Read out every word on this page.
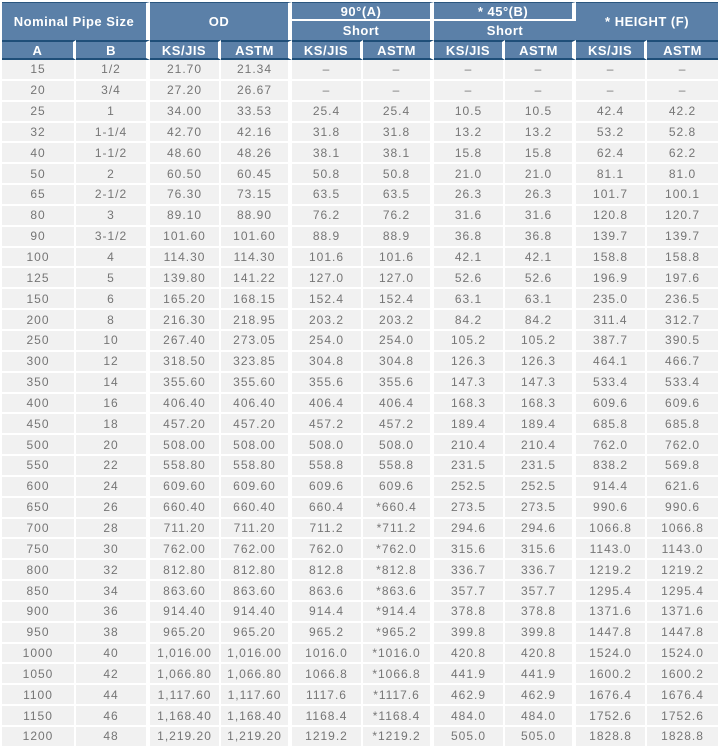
Nominal Pipe Size		OD		90°(A)		* 45°(B)		* HEIGHT (F)	
				Short		Short			
A	B	KS/JIS	ASTM	KS/JIS	ASTM	KS/JIS	ASTM	KS/JIS	ASTM
15	1/2	21.70	21.34	–	–	–	–	–	–
20	3/4	27.20	26.67	–	–	–	–	–	–
25	1	34.00	33.53	25.4	25.4	10.5	10.5	42.4	42.2
32	1-1/4	42.70	42.16	31.8	31.8	13.2	13.2	53.2	52.8
40	1-1/2	48.60	48.26	38.1	38.1	15.8	15.8	62.4	62.2
50	2	60.50	60.45	50.8	50.8	21.0	21.0	81.1	81.0
65	2-1/2	76.30	73.15	63.5	63.5	26.3	26.3	101.7	100.1
80	3	89.10	88.90	76.2	76.2	31.6	31.6	120.8	120.7
90	3-1/2	101.60	101.60	88.9	88.9	36.8	36.8	139.7	139.7
100	4	114.30	114.30	101.6	101.6	42.1	42.1	158.8	158.8
125	5	139.80	141.22	127.0	127.0	52.6	52.6	196.9	197.6
150	6	165.20	168.15	152.4	152.4	63.1	63.1	235.0	236.5
200	8	216.30	218.95	203.2	203.2	84.2	84.2	311.4	312.7
250	10	267.40	273.05	254.0	254.0	105.2	105.2	387.7	390.5
300	12	318.50	323.85	304.8	304.8	126.3	126.3	464.1	466.7
350	14	355.60	355.60	355.6	355.6	147.3	147.3	533.4	533.4
400	16	406.40	406.40	406.4	406.4	168.3	168.3	609.6	609.6
450	18	457.20	457.20	457.2	457.2	189.4	189.4	685.8	685.8
500	20	508.00	508.00	508.0	508.0	210.4	210.4	762.0	762.0
550	22	558.80	558.80	558.8	558.8	231.5	231.5	838.2	569.8
600	24	609.60	609.60	609.6	609.6	252.5	252.5	914.4	621.6
650	26	660.40	660.40	660.4	*660.4	273.5	273.5	990.6	990.6
700	28	711.20	711.20	711.2	*711.2	294.6	294.6	1066.8	1066.8
750	30	762.00	762.00	762.0	*762.0	315.6	315.6	1143.0	1143.0
800	32	812.80	812.80	812.8	*812.8	336.7	336.7	1219.2	1219.2
850	34	863.60	863.60	863.6	*863.6	357.7	357.7	1295.4	1295.4
900	36	914.40	914.40	914.4	*914.4	378.8	378.8	1371.6	1371.6
950	38	965.20	965.20	965.2	*965.2	399.8	399.8	1447.8	1447.8
1000	40	1,016.00	1,016.00	1016.0	*1016.0	420.8	420.8	1524.0	1524.0
1050	42	1,066.80	1,066.80	1066.8	*1066.8	441.9	441.9	1600.2	1600.2
1100	44	1,117.60	1,117.60	1117.6	*1117.6	462.9	462.9	1676.4	1676.4
1150	46	1,168.40	1,168.40	1168.4	*1168.4	484.0	484.0	1752.6	1752.6
1200	48	1,219.20	1,219.20	1219.2	*1219.2	505.0	505.0	1828.8	1828.8
